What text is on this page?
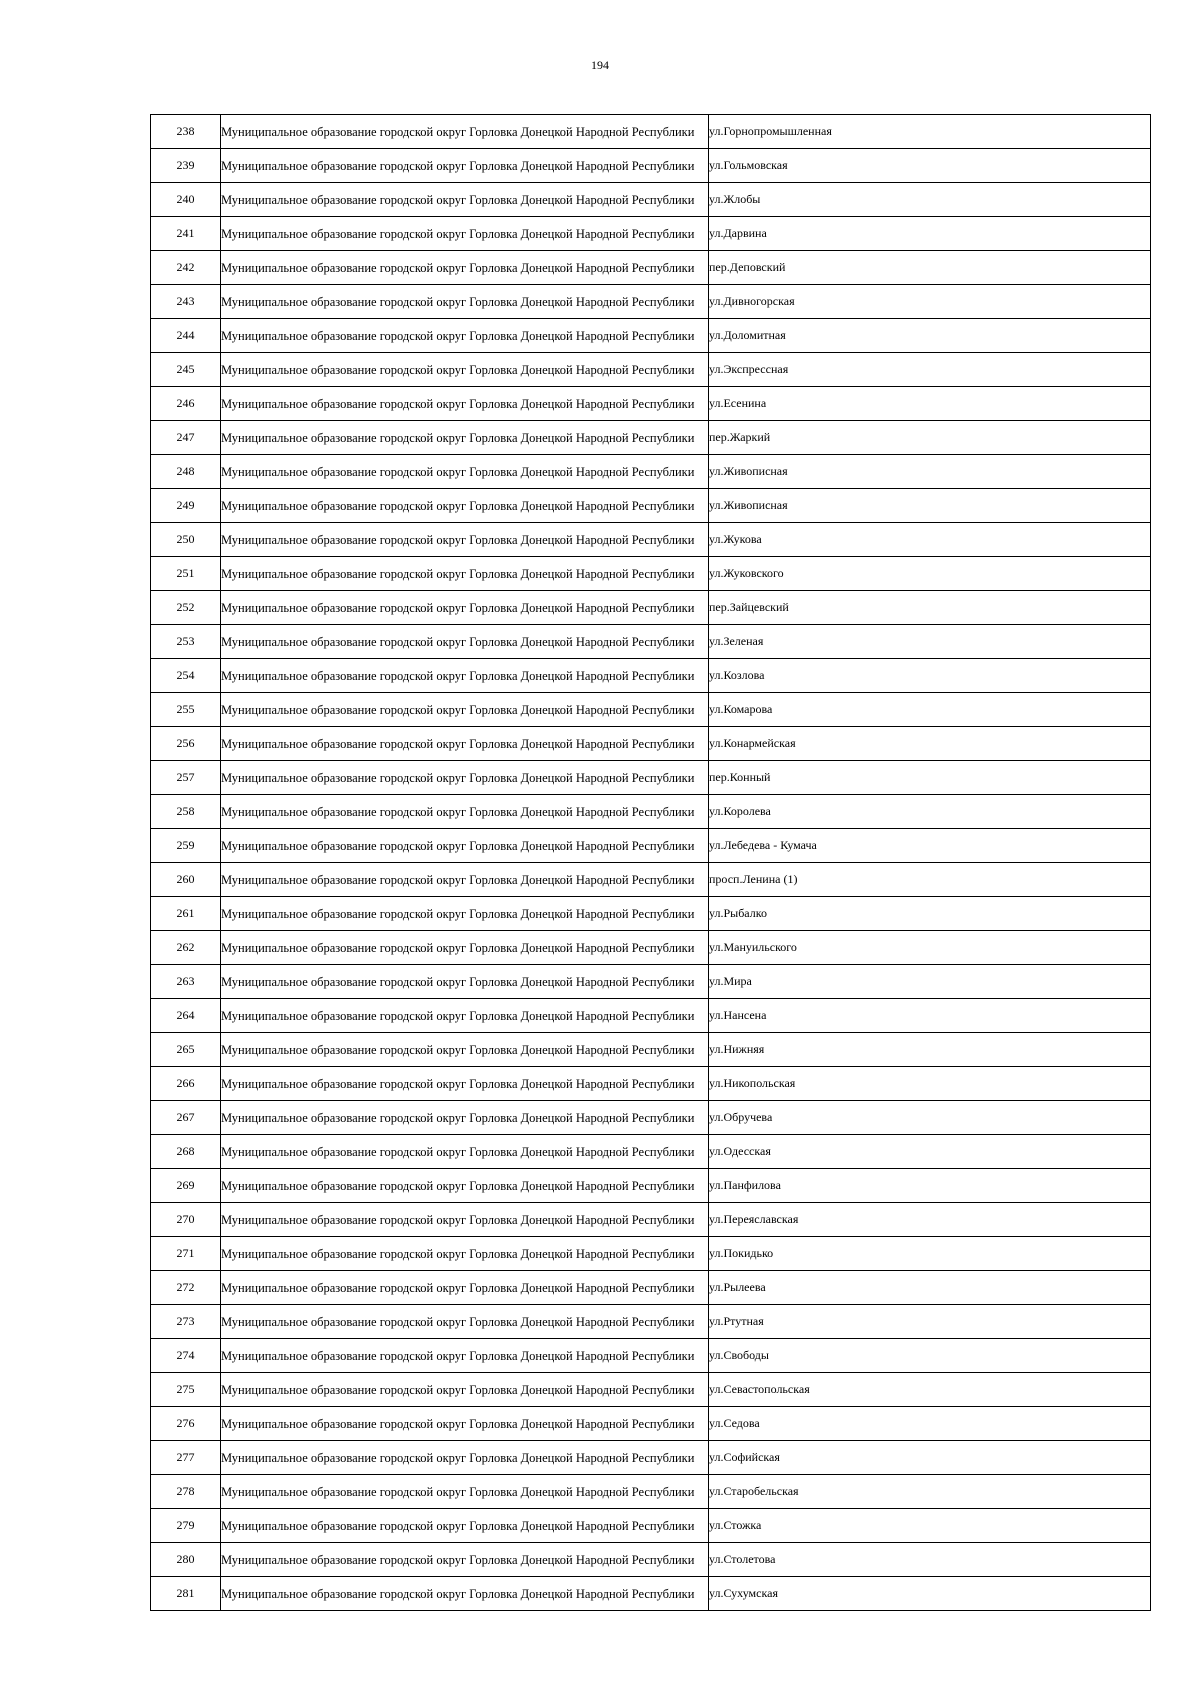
194
238	Муниципальное образование городской округ Горловка Донецкой Народной Республики	ул.Горнопромышленная
239	Муниципальное образование городской округ Горловка Донецкой Народной Республики	ул.Гольмовская
240	Муниципальное образование городской округ Горловка Донецкой Народной Республики	ул.Жлобы
241	Муниципальное образование городской округ Горловка Донецкой Народной Республики	ул.Дарвина
242	Муниципальное образование городской округ Горловка Донецкой Народной Республики	пер.Деповский
243	Муниципальное образование городской округ Горловка Донецкой Народной Республики	ул.Дивногорская
244	Муниципальное образование городской округ Горловка Донецкой Народной Республики	ул.Доломитная
245	Муниципальное образование городской округ Горловка Донецкой Народной Республики	ул.Экспрессная
246	Муниципальное образование городской округ Горловка Донецкой Народной Республики	ул.Есенина
247	Муниципальное образование городской округ Горловка Донецкой Народной Республики	пер.Жаркий
248	Муниципальное образование городской округ Горловка Донецкой Народной Республики	ул.Живописная
249	Муниципальное образование городской округ Горловка Донецкой Народной Республики	ул.Живописная
250	Муниципальное образование городской округ Горловка Донецкой Народной Республики	ул.Жукова
251	Муниципальное образование городской округ Горловка Донецкой Народной Республики	ул.Жуковского
252	Муниципальное образование городской округ Горловка Донецкой Народной Республики	пер.Зайцевский
253	Муниципальное образование городской округ Горловка Донецкой Народной Республики	ул.Зеленая
254	Муниципальное образование городской округ Горловка Донецкой Народной Республики	ул.Козлова
255	Муниципальное образование городской округ Горловка Донецкой Народной Республики	ул.Комарова
256	Муниципальное образование городской округ Горловка Донецкой Народной Республики	ул.Конармейская
257	Муниципальное образование городской округ Горловка Донецкой Народной Республики	пер.Конный
258	Муниципальное образование городской округ Горловка Донецкой Народной Республики	ул.Королева
259	Муниципальное образование городской округ Горловка Донецкой Народной Республики	ул.Лебедева - Кумача
260	Муниципальное образование городской округ Горловка Донецкой Народной Республики	просп.Ленина (1)
261	Муниципальное образование городской округ Горловка Донецкой Народной Республики	ул.Рыбалко
262	Муниципальное образование городской округ Горловка Донецкой Народной Республики	ул.Мануильского
263	Муниципальное образование городской округ Горловка Донецкой Народной Республики	ул.Мира
264	Муниципальное образование городской округ Горловка Донецкой Народной Республики	ул.Нансена
265	Муниципальное образование городской округ Горловка Донецкой Народной Республики	ул.Нижняя
266	Муниципальное образование городской округ Горловка Донецкой Народной Республики	ул.Никопольская
267	Муниципальное образование городской округ Горловка Донецкой Народной Республики	ул.Обручева
268	Муниципальное образование городской округ Горловка Донецкой Народной Республики	ул.Одесская
269	Муниципальное образование городской округ Горловка Донецкой Народной Республики	ул.Панфилова
270	Муниципальное образование городской округ Горловка Донецкой Народной Республики	ул.Переяславская
271	Муниципальное образование городской округ Горловка Донецкой Народной Республики	ул.Покидько
272	Муниципальное образование городской округ Горловка Донецкой Народной Республики	ул.Рылеева
273	Муниципальное образование городской округ Горловка Донецкой Народной Республики	ул.Ртутная
274	Муниципальное образование городской округ Горловка Донецкой Народной Республики	ул.Свободы
275	Муниципальное образование городской округ Горловка Донецкой Народной Республики	ул.Севастопольская
276	Муниципальное образование городской округ Горловка Донецкой Народной Республики	ул.Седова
277	Муниципальное образование городской округ Горловка Донецкой Народной Республики	ул.Софийская
278	Муниципальное образование городской округ Горловка Донецкой Народной Республики	ул.Старобельская
279	Муниципальное образование городской округ Горловка Донецкой Народной Республики	ул.Стожка
280	Муниципальное образование городской округ Горловка Донецкой Народной Республики	ул.Столетова
281	Муниципальное образование городской округ Горловка Донецкой Народной Республики	ул.Сухумская
